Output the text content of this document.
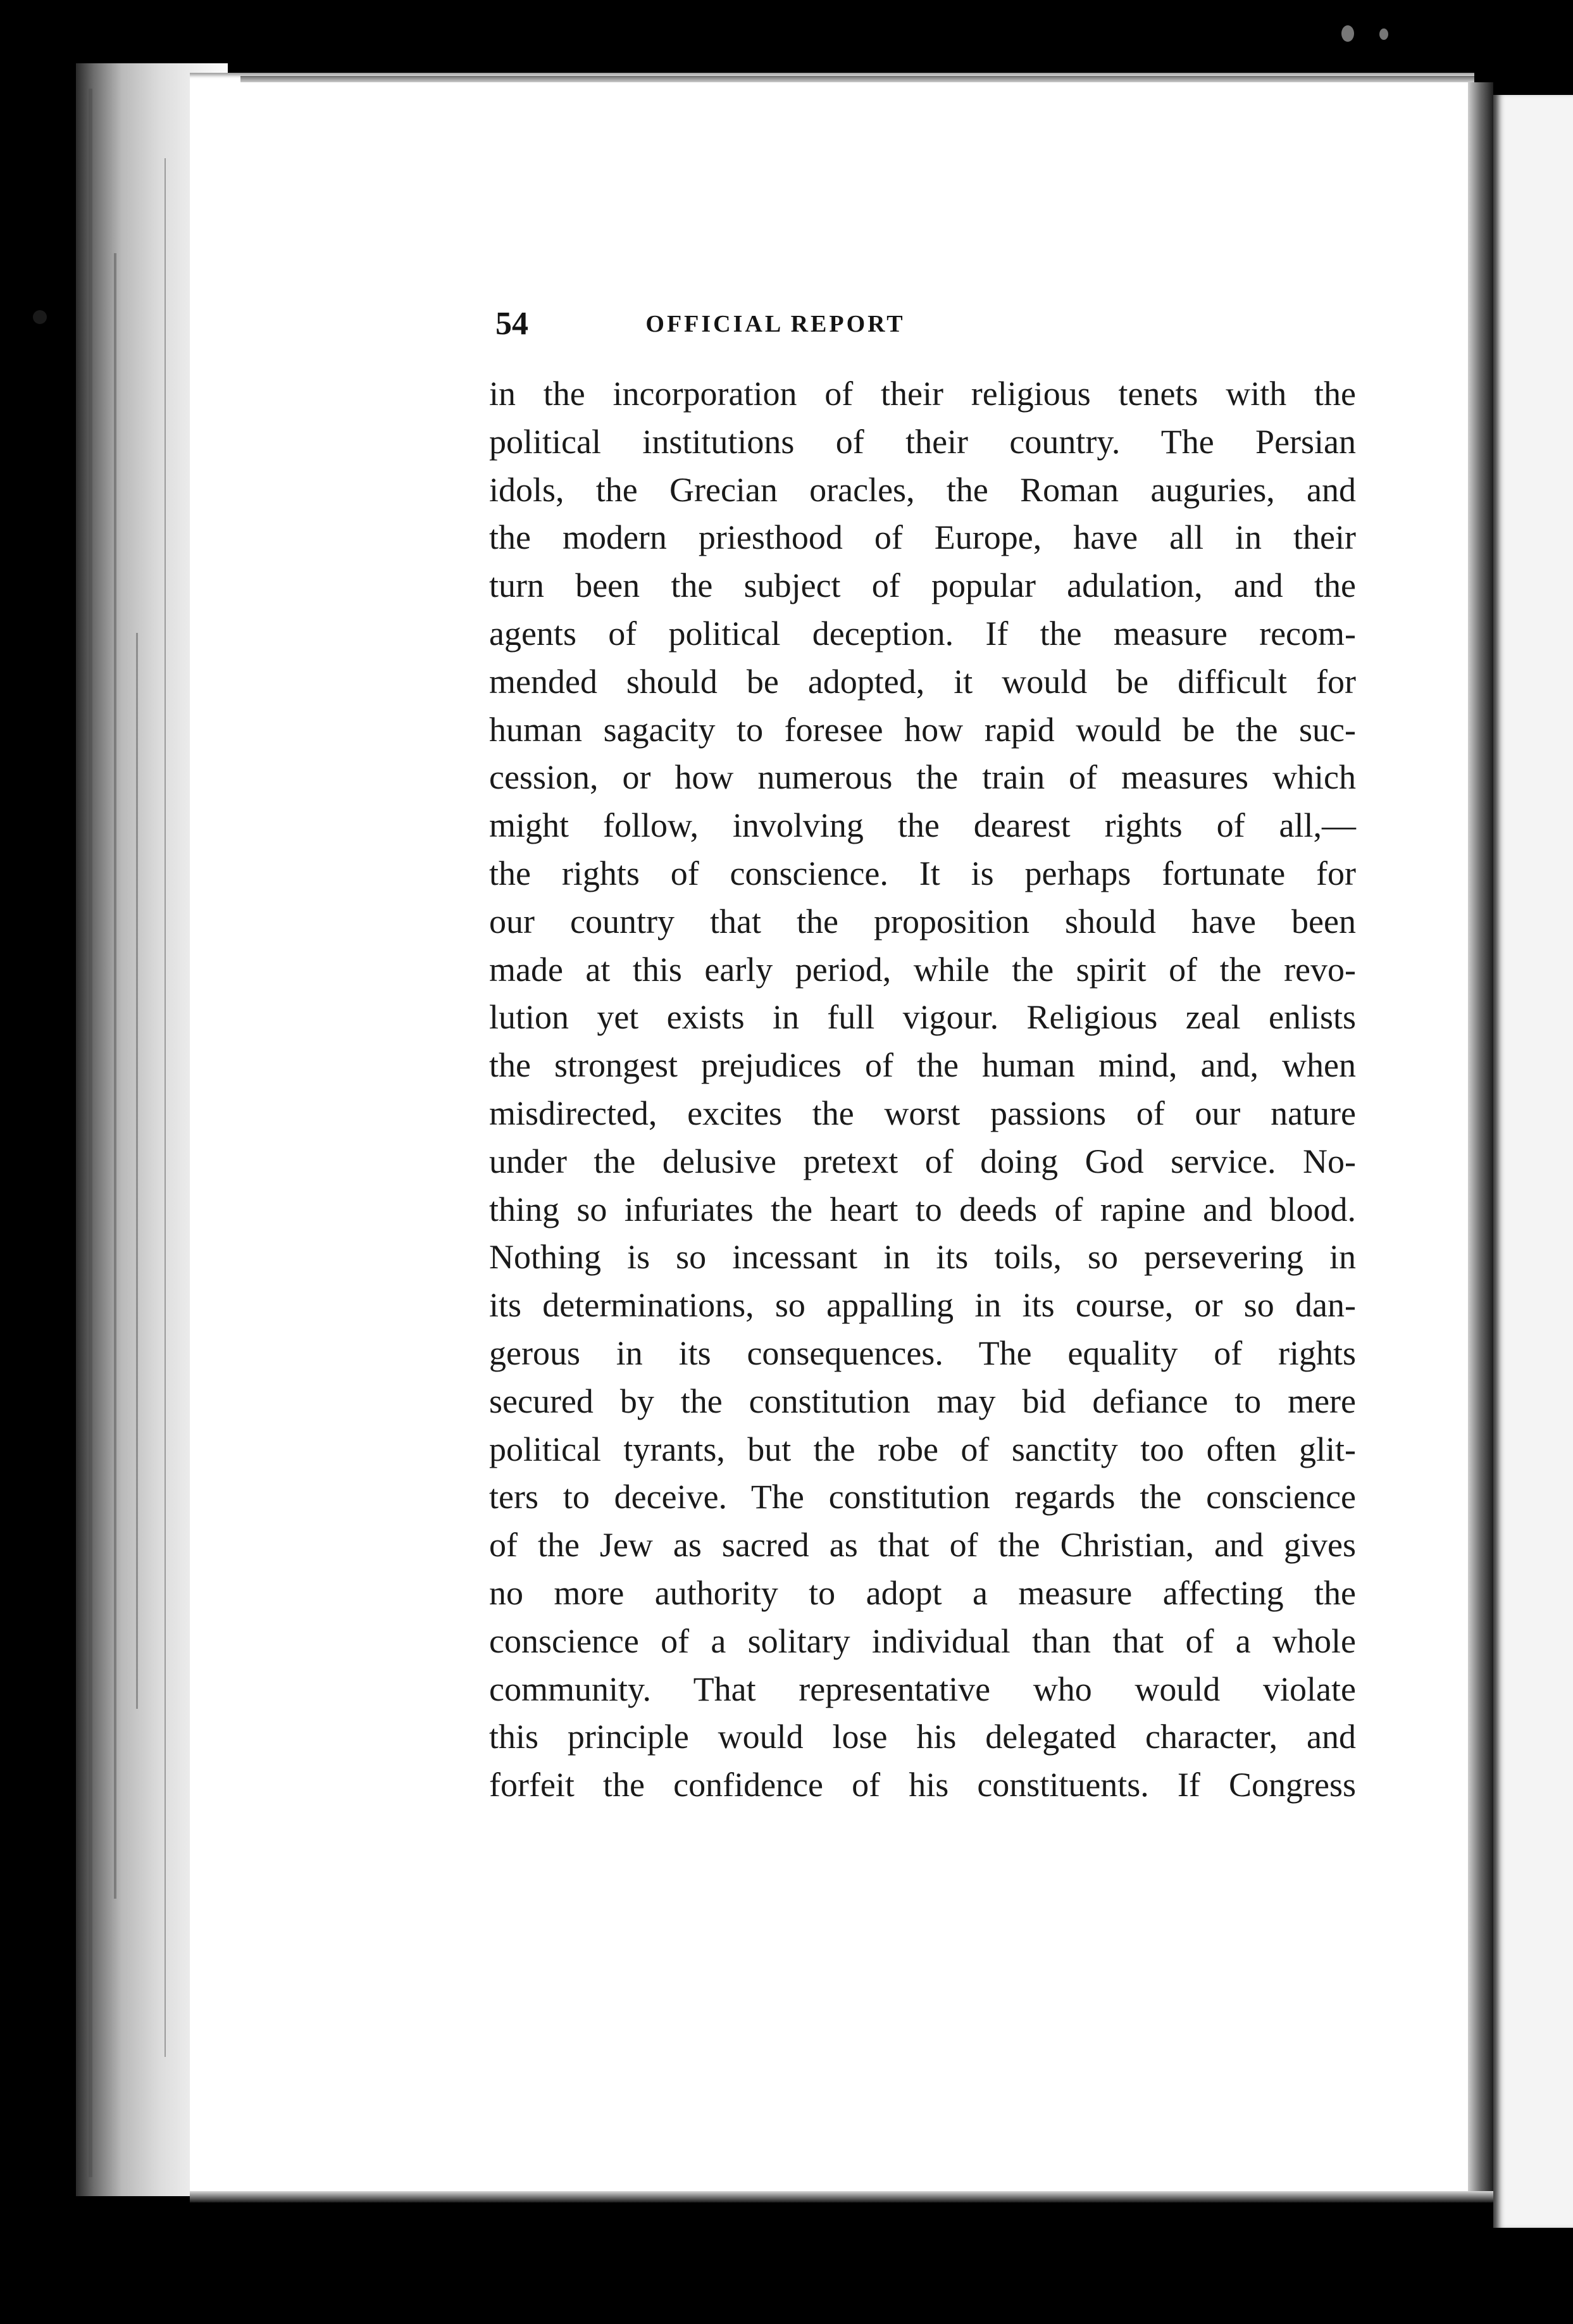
54	OFFICIAL REPORT
in the incorporation of their religious tenets with the
political institutions of their country. The Persian
idols, the Grecian oracles, the Roman auguries, and
the modern priesthood of Europe, have all in their
turn been the subject of popular adulation, and the
agents of political deception. If the measure recom-
mended should be adopted, it would be difficult for
human sagacity to foresee how rapid would be the suc-
cession, or how numerous the train of measures which
might follow, involving the dearest rights of all,—
the rights of conscience. It is perhaps fortunate for
our country that the proposition should have been
made at this early period, while the spirit of the revo-
lution yet exists in full vigour. Religious zeal enlists
the strongest prejudices of the human mind, and, when
misdirected, excites the worst passions of our nature
under the delusive pretext of doing God service. No-
thing so infuriates the heart to deeds of rapine and blood.
Nothing is so incessant in its toils, so persevering in
its determinations, so appalling in its course, or so dan-
gerous in its consequences. The equality of rights
secured by the constitution may bid defiance to mere
political tyrants, but the robe of sanctity too often glit-
ters to deceive. The constitution regards the conscience
of the Jew as sacred as that of the Christian, and gives
no more authority to adopt a measure affecting the
conscience of a solitary individual than that of a whole
community. That representative who would violate
this principle would lose his delegated character, and
forfeit the confidence of his constituents. If Congress
